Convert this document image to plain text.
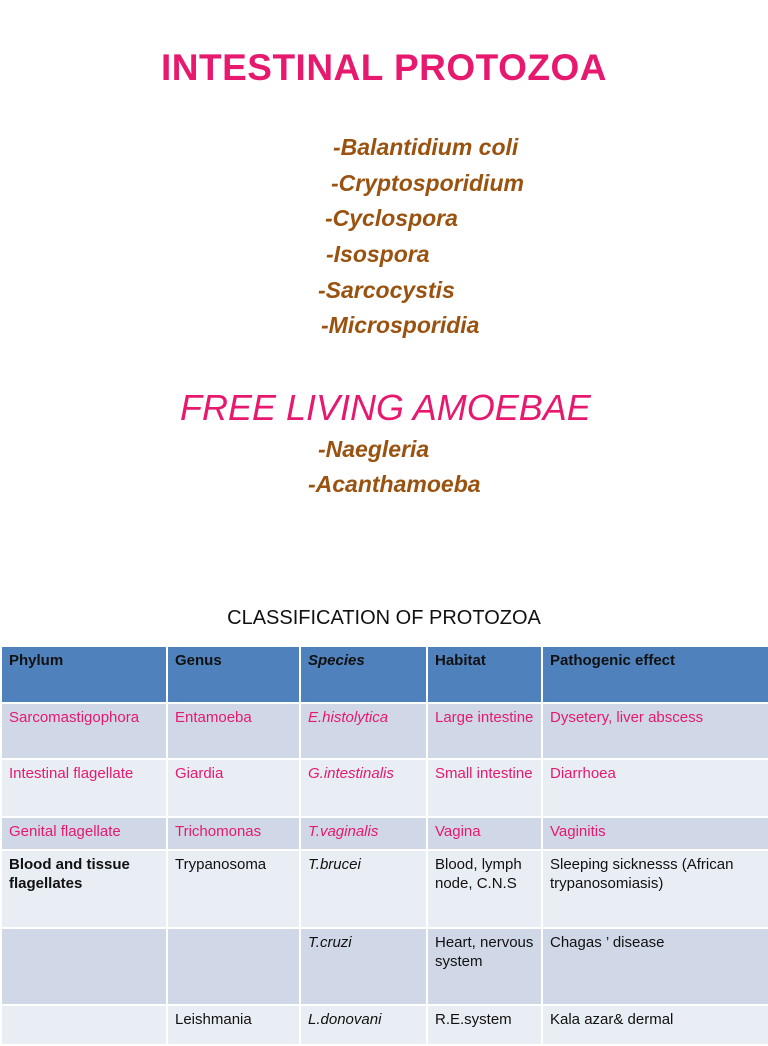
INTESTINAL PROTOZOA
-Balantidium coli
-Cryptosporidium
-Cyclospora
-Isospora
-Sarcocystis
-Microsporidia
FREE LIVING AMOEBAE
-Naegleria
-Acanthamoeba
CLASSIFICATION OF PROTOZOA
Phylum	Genus	Species	Habitat	Pathogenic effect
Sarcomastigophora	Entamoeba	E.histolytica	Large intestine	Dysetery, liver abscess
Intestinal flagellate	Giardia	G.intestinalis	Small intestine	Diarrhoea
Genital flagellate	Trichomonas	T.vaginalis	Vagina	Vaginitis
Blood and tissue flagellates	Trypanosoma	T.brucei	Blood, lymph node, C.N.S	Sleeping sicknesss (African trypanosomiasis)
		T.cruzi	Heart, nervous system	Chagas ’ disease
	Leishmania	L.donovani	R.E.system	Kala azar& dermal
